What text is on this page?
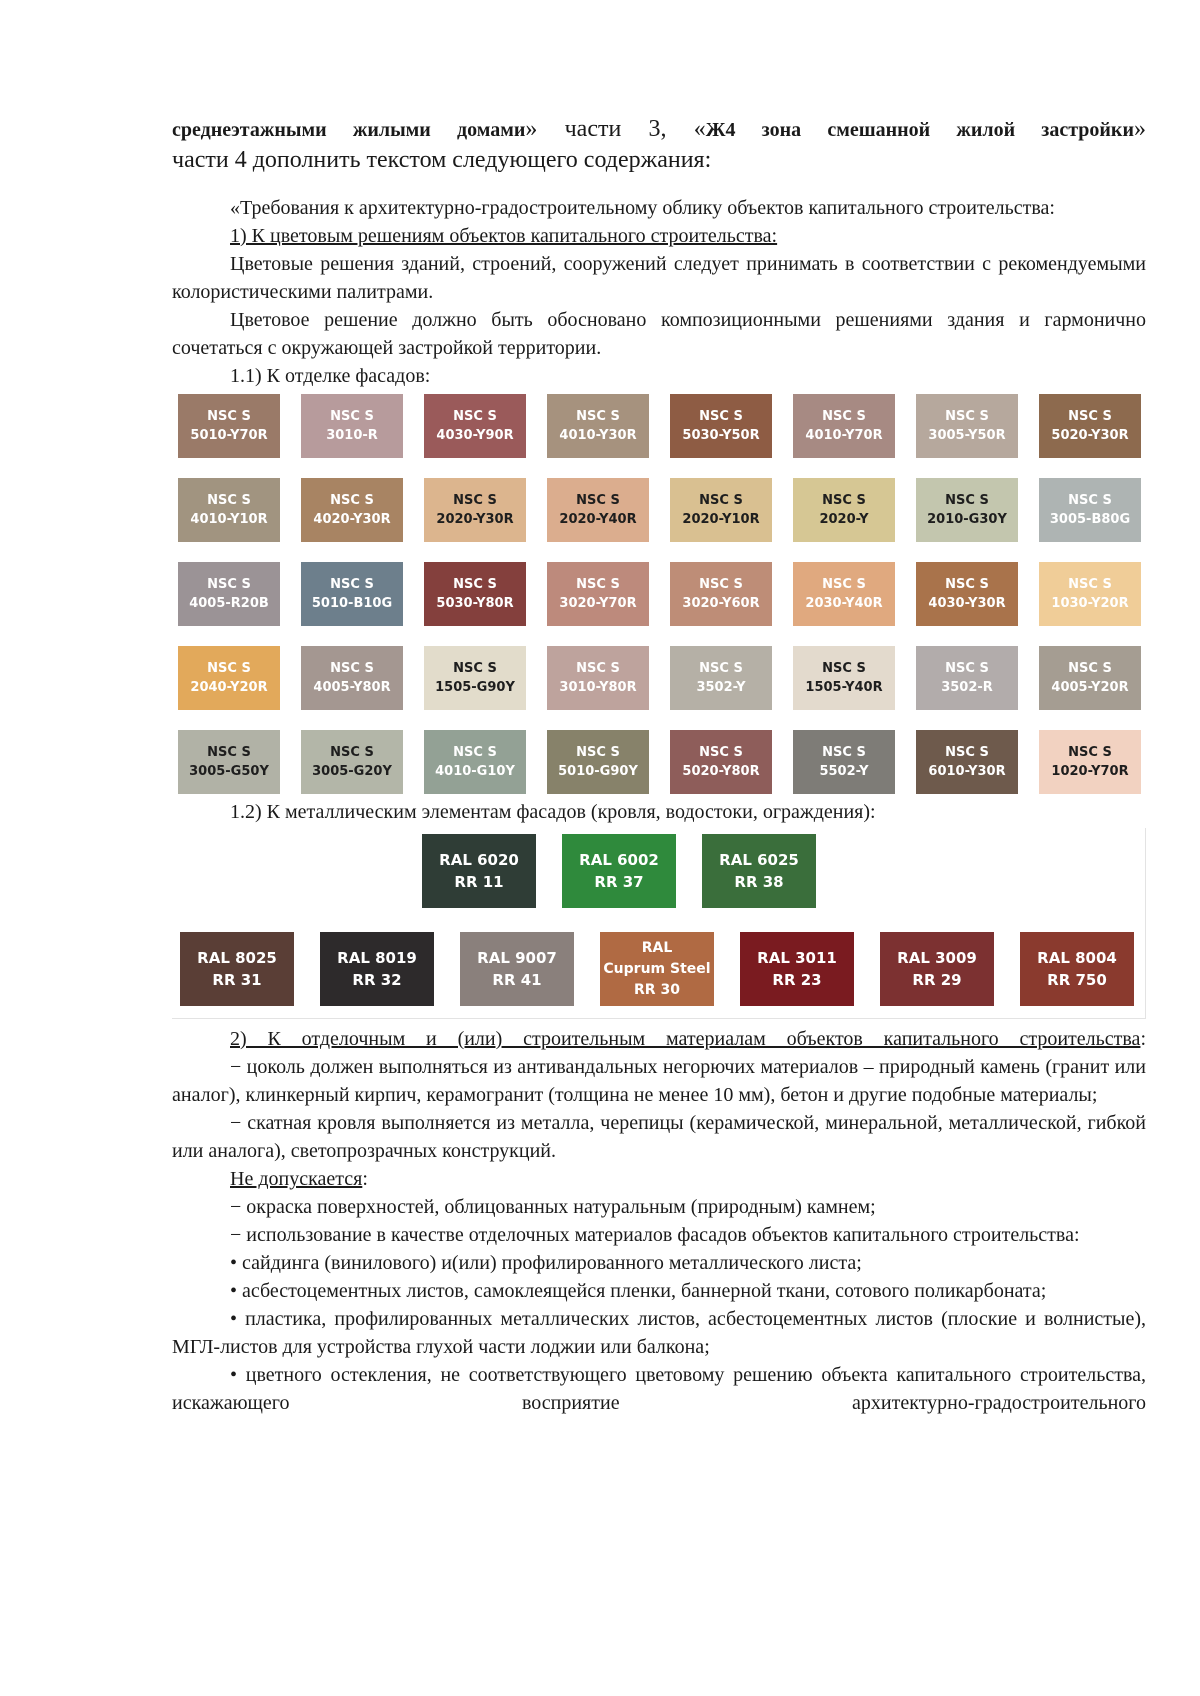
среднеэтажными жилыми домами» части 3, «Ж4 зона смешанной жилой застройки»

части 4 дополнить текстом следующего содержания:

«Требования к архитектурно-градостроительному облику объектов капитального строительства:

1) К цветовым решениям объектов капитального строительства:

Цветовые решения зданий, строений, сооружений следует принимать в соответствии с рекомендуемыми колористическими палитрами.

Цветовое решение должно быть обосновано композиционными решениями здания и гармонично сочетаться с окружающей застройкой территории.

1.1) К отделке фасадов:

NSC S
5010-Y70R
NSC S
3010-R
NSC S
4030-Y90R
NSC S
4010-Y30R
NSC S
5030-Y50R
NSC S
4010-Y70R
NSC S
3005-Y50R
NSC S
5020-Y30R
NSC S
4010-Y10R
NSC S
4020-Y30R
NSC S
2020-Y30R
NSC S
2020-Y40R
NSC S
2020-Y10R
NSC S
2020-Y
NSC S
2010-G30Y
NSC S
3005-B80G
NSC S
4005-R20B
NSC S
5010-B10G
NSC S
5030-Y80R
NSC S
3020-Y70R
NSC S
3020-Y60R
NSC S
2030-Y40R
NSC S
4030-Y30R
NSC S
1030-Y20R
NSC S
2040-Y20R
NSC S
4005-Y80R
NSC S
1505-G90Y
NSC S
3010-Y80R
NSC S
3502-Y
NSC S
1505-Y40R
NSC S
3502-R
NSC S
4005-Y20R
NSC S
3005-G50Y
NSC S
3005-G20Y
NSC S
4010-G10Y
NSC S
5010-G90Y
NSC S
5020-Y80R
NSC S
5502-Y
NSC S
6010-Y30R
NSC S
1020-Y70R

1.2) К металлическим элементам фасадов (кровля, водостоки, ограждения):

RAL 6020
RR 11
RAL 6002
RR 37
RAL 6025
RR 38
RAL 8025
RR 31
RAL 8019
RR 32
RAL 9007
RR 41
RAL
Cuprum Steel
RR 30
RAL 3011
RR 23
RAL 3009
RR 29
RAL 8004
RR 750

2) К отделочным и (или) строительным материалам объектов капитального строительства:

− цоколь должен выполняться из антивандальных негорючих материалов – природный камень (гранит или аналог), клинкерный кирпич, керамогранит (толщина не менее 10 мм), бетон и другие подобные материалы;

− скатная кровля выполняется из металла, черепицы (керамической, минеральной, металлической, гибкой или аналога), светопрозрачных конструкций.

Не допускается:

− окраска поверхностей, облицованных натуральным (природным) камнем;

− использование в качестве отделочных материалов фасадов объектов капитального строительства:

• сайдинга (винилового) и(или) профилированного металлического листа;

• асбестоцементных листов, самоклеящейся пленки, баннерной ткани, сотового поликарбоната;

• пластика, профилированных металлических листов, асбестоцементных листов (плоские и волнистые), МГЛ-листов для устройства глухой части лоджии или балкона;

• цветного остекления, не соответствующего цветовому решению объекта капитального строительства, искажающего восприятие архитектурно-градостроительного
